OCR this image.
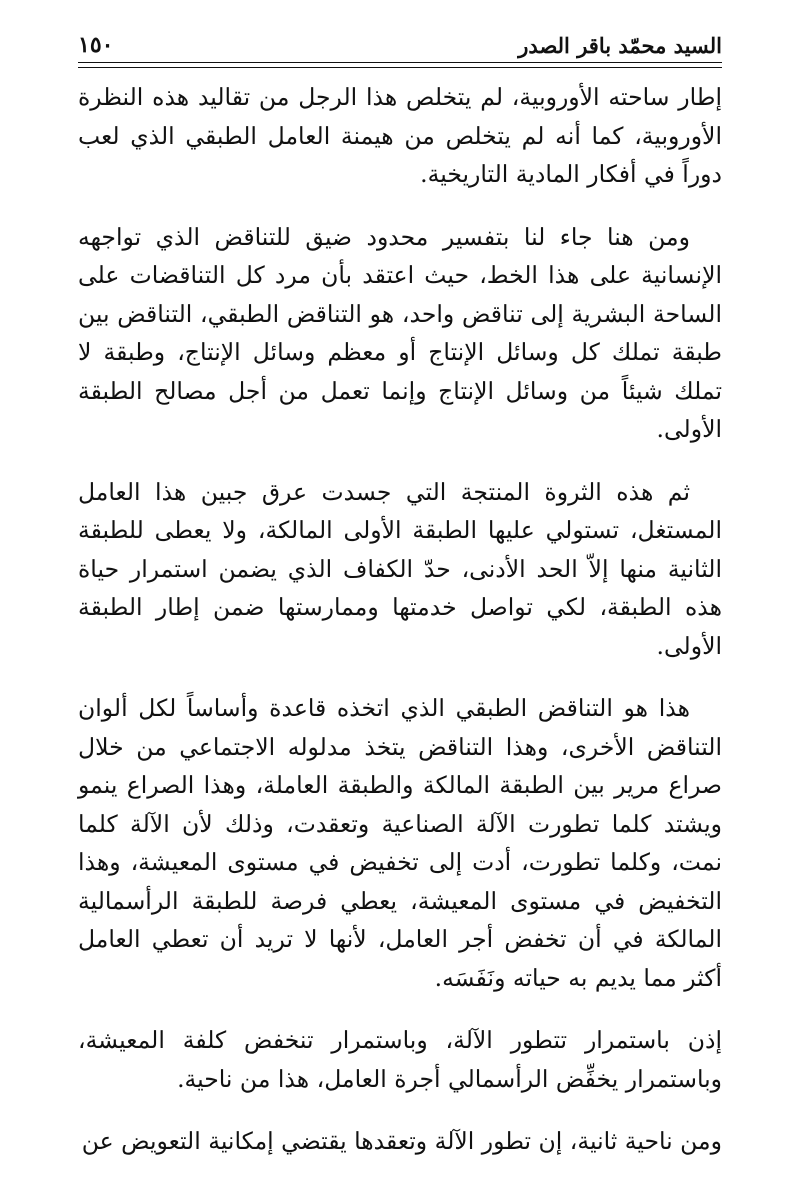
السيد محمّد باقر الصدر
١٥٠

إطار ساحته الأوروبية، لم يتخلص هذا الرجل من تقاليد هذه النظرة الأوروبية، كما أنه لم يتخلص من هيمنة العامل الطبقي الذي لعب دوراً في أفكار المادية التاريخية.

ومن هنا جاء لنا بتفسير محدود ضيق للتناقض الذي تواجهه الإنسانية على هذا الخط، حيث اعتقد بأن مرد كل التناقضات على الساحة البشرية إلى تناقض واحد، هو التناقض الطبقي، التناقض بين طبقة تملك كل وسائل الإنتاج أو معظم وسائل الإنتاج، وطبقة لا تملك شيئاً من وسائل الإنتاج وإنما تعمل من أجل مصالح الطبقة الأولى.

ثم هذه الثروة المنتجة التي جسدت عرق جبين هذا العامل المستغل، تستولي عليها الطبقة الأولى المالكة، ولا يعطى للطبقة الثانية منها إلاّ الحد الأدنى، حدّ الكفاف الذي يضمن استمرار حياة هذه الطبقة، لكي تواصل خدمتها وممارستها ضمن إطار الطبقة الأولى.

هذا هو التناقض الطبقي الذي اتخذه قاعدة وأساساً لكل ألوان التناقض الأخرى، وهذا التناقض يتخذ مدلوله الاجتماعي من خلال صراع مرير بين الطبقة المالكة والطبقة العاملة، وهذا الصراع ينمو ويشتد كلما تطورت الآلة الصناعية وتعقدت، وذلك لأن الآلة كلما نمت، وكلما تطورت، أدت إلى تخفيض في مستوى المعيشة، وهذا التخفيض في مستوى المعيشة، يعطي فرصة للطبقة الرأسمالية المالكة في أن تخفض أجر العامل، لأنها لا تريد أن تعطي العامل أكثر مما يديم به حياته ونَفَسَه.

إذن باستمرار تتطور الآلة، وباستمرار تنخفض كلفة المعيشة، وباستمرار يخفِّض الرأسمالي أجرة العامل، هذا من ناحية.

ومن ناحية ثانية، إن تطور الآلة وتعقدها يقتضي إمكانية التعويض عن
